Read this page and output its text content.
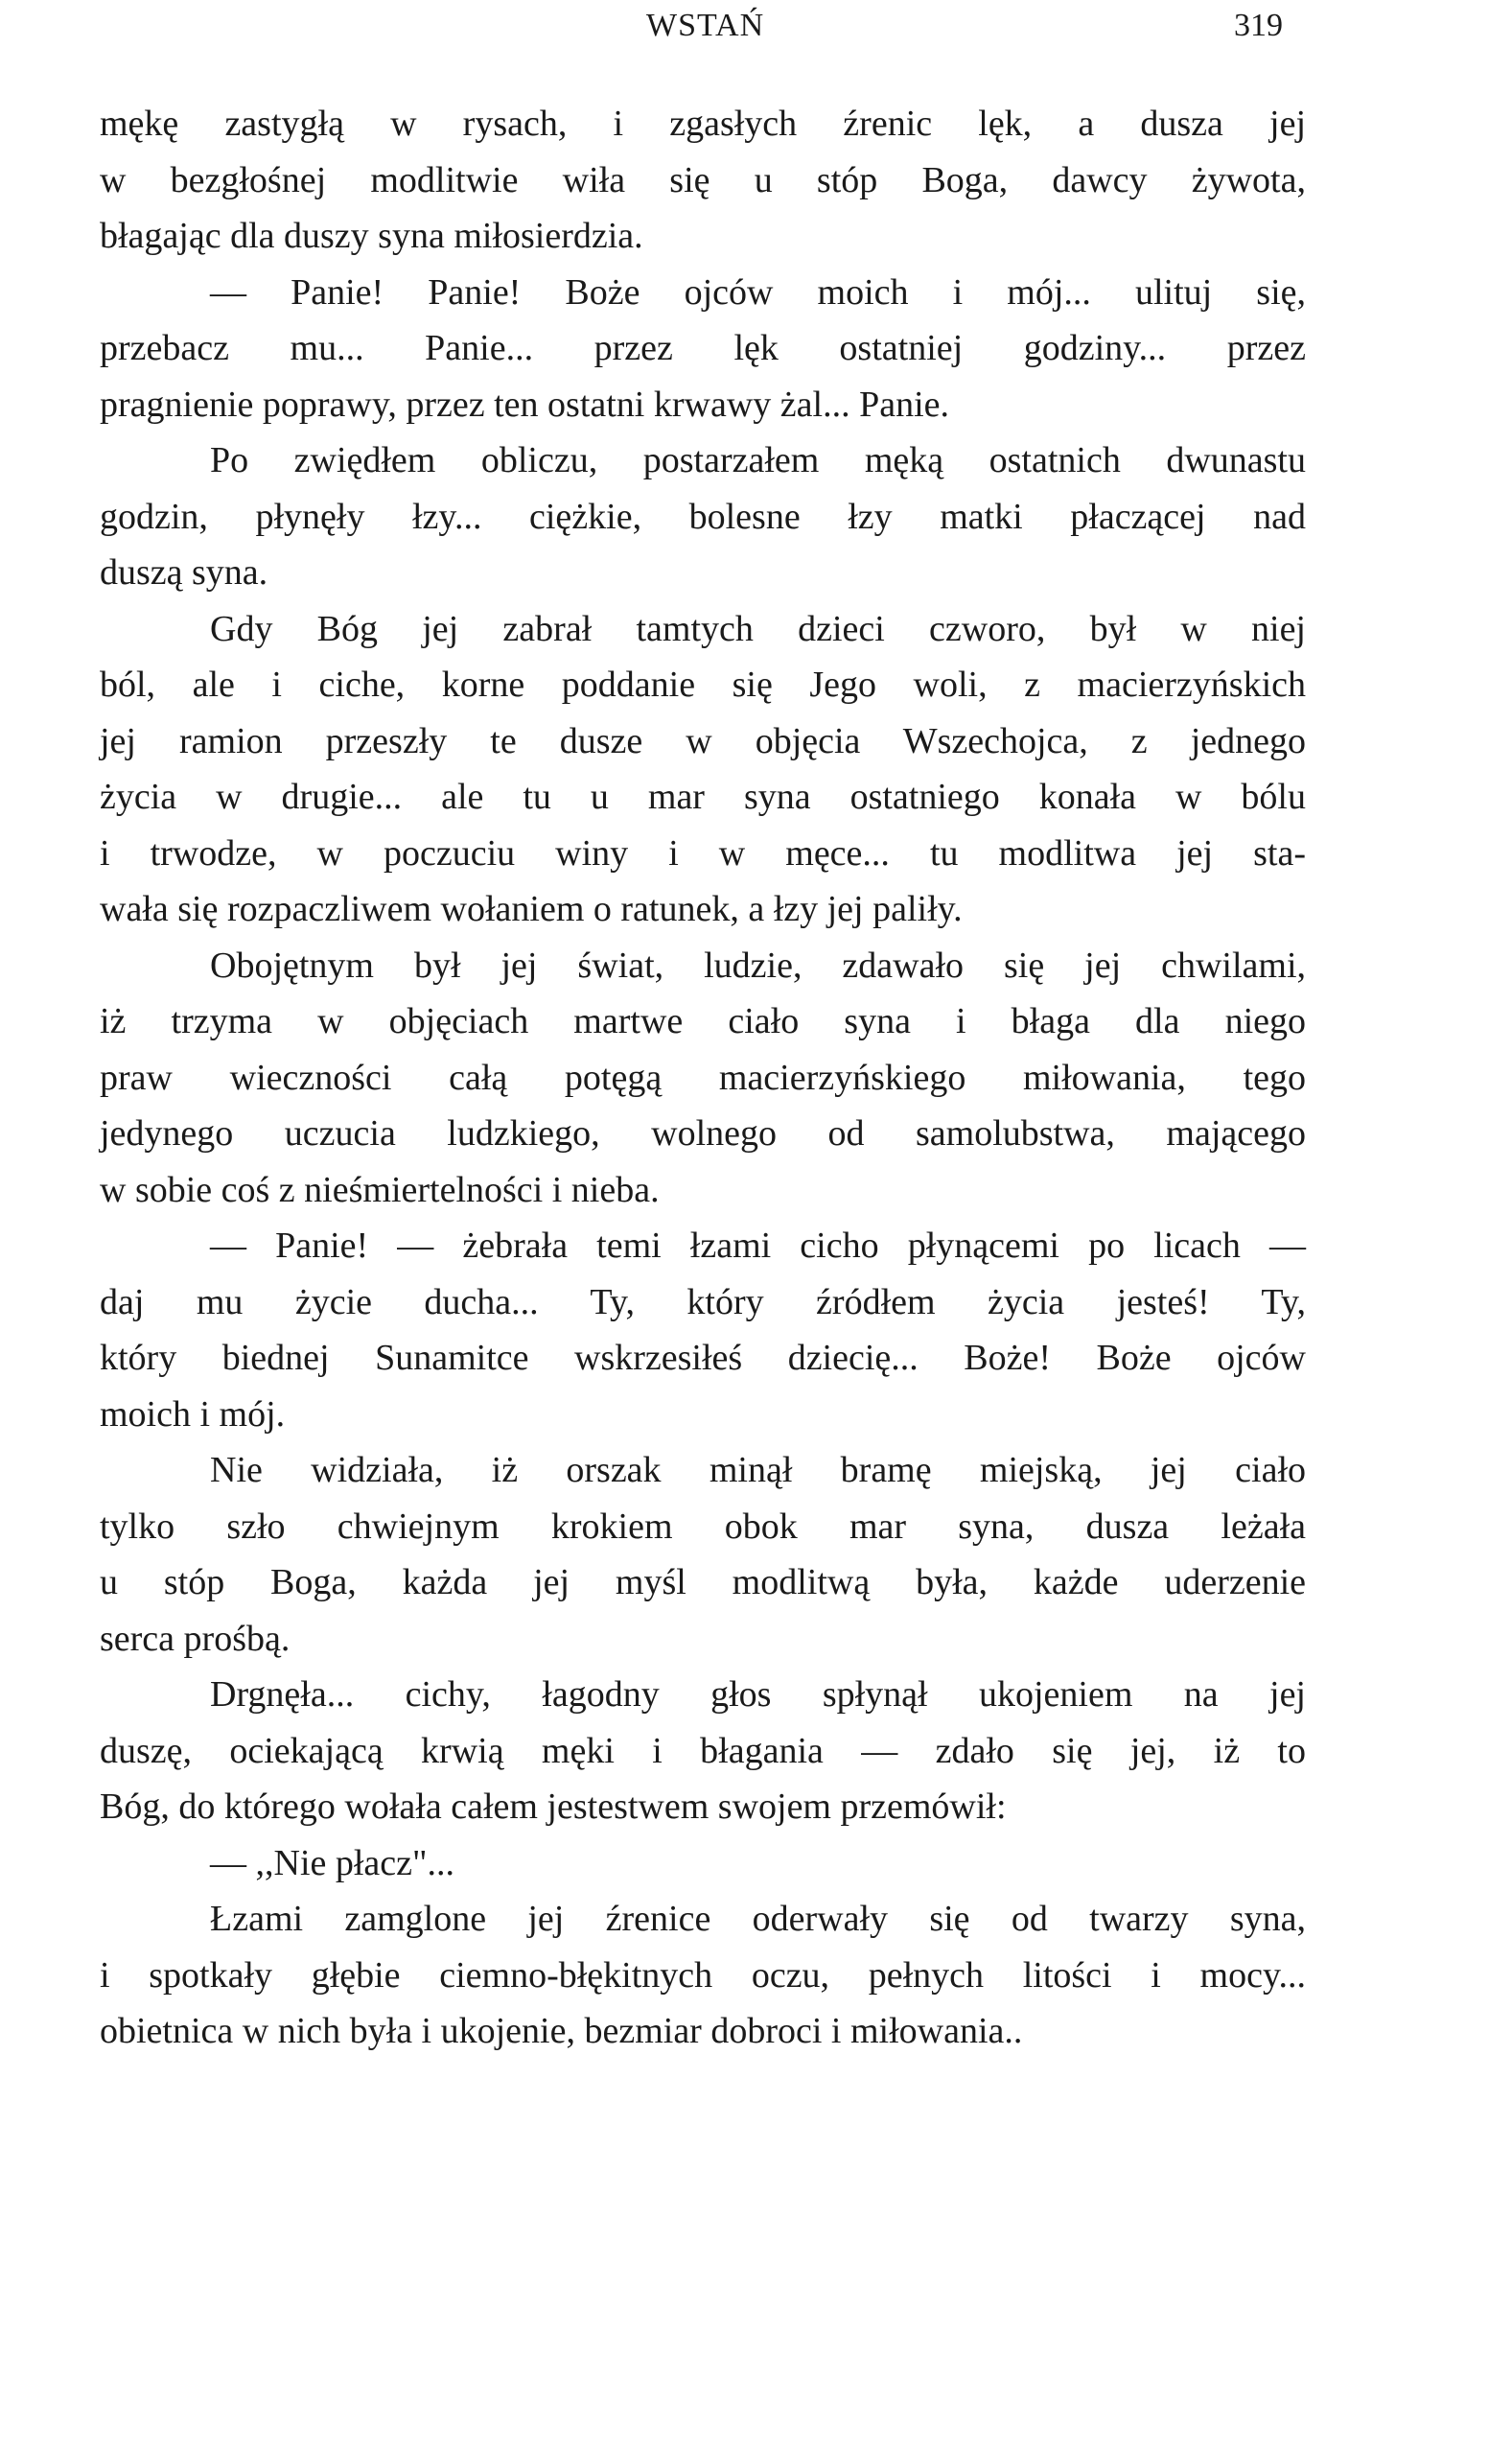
WSTAŃ	319
mękę zastygłą w rysach, i zgasłych źrenic lęk, a dusza jej
w bezgłośnej modlitwie wiła się u stóp Boga, dawcy żywota,
błagając dla duszy syna miłosierdzia.
— Panie! Panie! Boże ojców moich i mój... ulituj się,
przebacz mu... Panie... przez lęk ostatniej godziny... przez
pragnienie poprawy, przez ten ostatni krwawy żal... Panie.
Po zwiędłem obliczu, postarzałem męką ostatnich dwunastu
godzin, płynęły łzy... ciężkie, bolesne łzy matki płaczącej nad
duszą syna.
Gdy Bóg jej zabrał tamtych dzieci czworo, był w niej
ból, ale i ciche, korne poddanie się Jego woli, z macierzyńskich
jej ramion przeszły te dusze w objęcia Wszechojca, z jednego
życia w drugie... ale tu u mar syna ostatniego konała w bólu
i trwodze, w poczuciu winy i w męce... tu modlitwa jej sta-
wała się rozpaczliwem wołaniem o ratunek, a łzy jej paliły.
Obojętnym był jej świat, ludzie, zdawało się jej chwilami,
iż trzyma w objęciach martwe ciało syna i błaga dla niego
praw wieczności całą potęgą macierzyńskiego miłowania, tego
jedynego uczucia ludzkiego, wolnego od samolubstwa, mającego
w sobie coś z nieśmiertelności i nieba.
— Panie! — żebrała temi łzami cicho płynącemi po licach —
daj mu życie ducha... Ty, który źródłem życia jesteś! Ty,
który biednej Sunamitce wskrzesiłeś dziecię... Boże! Boże ojców
moich i mój.
Nie widziała, iż orszak minął bramę miejską, jej ciało
tylko szło chwiejnym krokiem obok mar syna, dusza leżała
u stóp Boga, każda jej myśl modlitwą była, każde uderzenie
serca prośbą.
Drgnęła... cichy, łagodny głos spłynął ukojeniem na jej
duszę, ociekającą krwią męki i błagania — zdało się jej, iż to
Bóg, do którego wołała całem jestestwem swojem przemówił:
— ,,Nie płacz"...
Łzami zamglone jej źrenice oderwały się od twarzy syna,
i spotkały głębie ciemno-błękitnych oczu, pełnych litości i mocy...
obietnica w nich była i ukojenie, bezmiar dobroci i miłowania..
